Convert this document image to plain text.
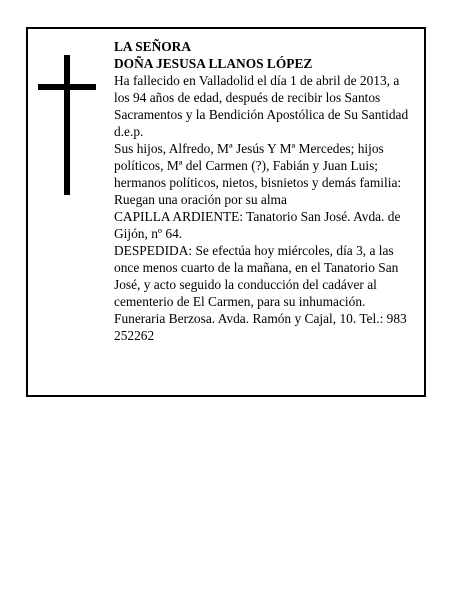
LA SEÑORA

DOÑA JESUSA LLANOS LÓPEZ

Ha fallecido en Valladolid el día 1 de abril de 2013, a los 94 años de edad, después de recibir los Santos Sacramentos y la Bendición Apostólica de Su Santidad d.e.p.

Sus hijos, Alfredo, Mª Jesús Y Mª Mercedes; hijos políticos, Mª del Carmen (?), Fabián y Juan Luis; hermanos políticos, nietos, bisnietos y demás familia: Ruegan una oración por su alma

CAPILLA ARDIENTE: Tanatorio San José. Avda. de Gijón, nº 64.

DESPEDIDA: Se efectúa hoy miércoles, día 3, a las once menos cuarto de la mañana, en el Tanatorio San José, y acto seguido la conducción del cadáver al cementerio de El Carmen, para su inhumación.

Funeraria Berzosa. Avda. Ramón y Cajal, 10. Tel.: 983 252262
